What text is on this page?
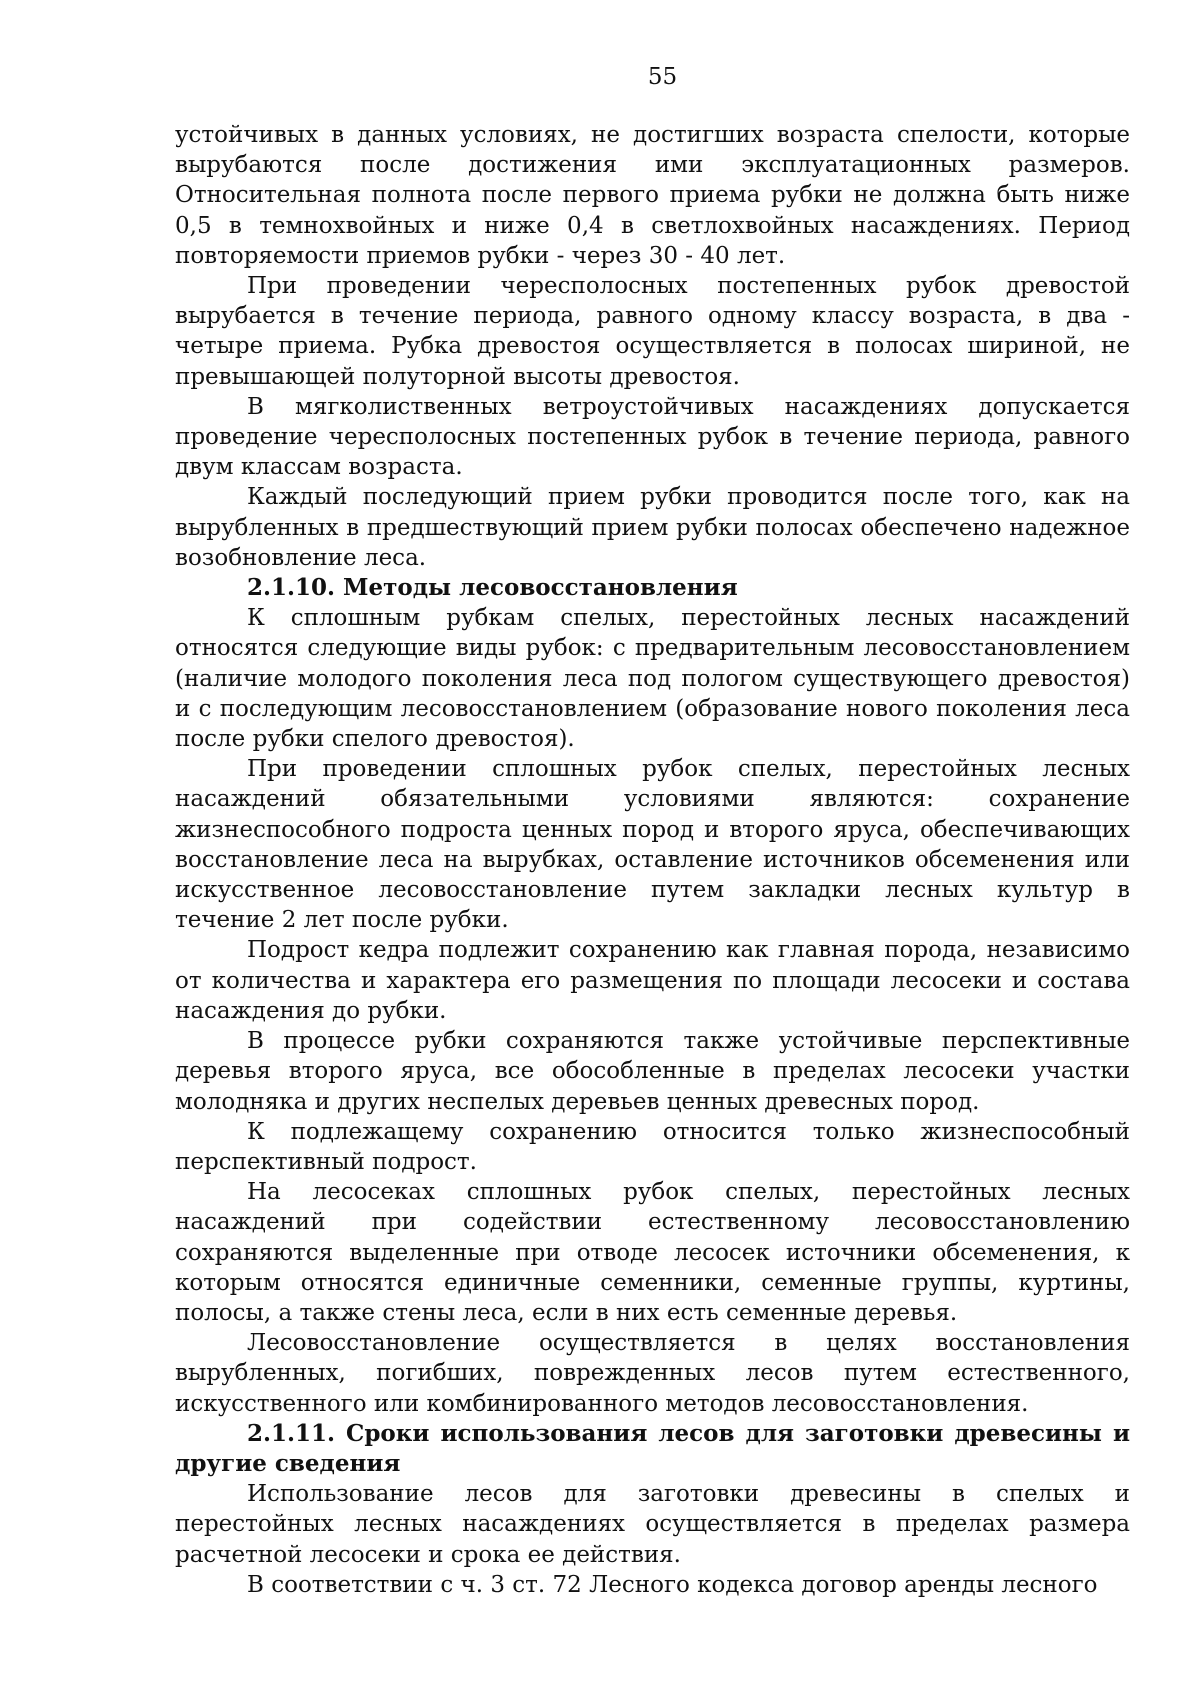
55

устойчивых в данных условиях, не достигших возраста спелости, которые вырубаются после достижения ими эксплуатационных размеров. Относительная полнота после первого приема рубки не должна быть ниже 0,5 в темнохвойных и ниже 0,4 в светлохвойных насаждениях. Период повторяемости приемов рубки - через 30 - 40 лет.

При проведении чересполосных постепенных рубок древостой вырубается в течение периода, равного одному классу возраста, в два - четыре приема. Рубка древостоя осуществляется в полосах шириной, не превышающей полуторной высоты древостоя.

В мягколиственных ветроустойчивых насаждениях допускается проведение чересполосных постепенных рубок в течение периода, равного двум классам возраста.

Каждый последующий прием рубки проводится после того, как на вырубленных в предшествующий прием рубки полосах обеспечено надежное возобновление леса.

2.1.10. Методы лесовосстановления

К сплошным рубкам спелых, перестойных лесных насаждений относятся следующие виды рубок: с предварительным лесовосстановлением (наличие молодого поколения леса под пологом существующего древостоя) и с последующим лесовосстановлением (образование нового поколения леса после рубки спелого древостоя).

При проведении сплошных рубок спелых, перестойных лесных насаждений обязательными условиями являются: сохранение жизнеспособного подроста ценных пород и второго яруса, обеспечивающих восстановление леса на вырубках, оставление источников обсеменения или искусственное лесовосстановление путем закладки лесных культур в течение 2 лет после рубки.

Подрост кедра подлежит сохранению как главная порода, независимо от количества и характера его размещения по площади лесосеки и состава насаждения до рубки.

В процессе рубки сохраняются также устойчивые перспективные деревья второго яруса, все обособленные в пределах лесосеки участки молодняка и других неспелых деревьев ценных древесных пород.

К подлежащему сохранению относится только жизнеспособный перспективный подрост.

На лесосеках сплошных рубок спелых, перестойных лесных насаждений при содействии естественному лесовосстановлению сохраняются выделенные при отводе лесосек источники обсеменения, к которым относятся единичные семенники, семенные группы, куртины, полосы, а также стены леса, если в них есть семенные деревья.

Лесовосстановление осуществляется в целях восстановления вырубленных, погибших, поврежденных лесов путем естественного, искусственного или комбинированного методов лесовосстановления.

2.1.11. Сроки использования лесов для заготовки древесины и другие сведения

Использование лесов для заготовки древесины в спелых и перестойных лесных насаждениях осуществляется в пределах размера расчетной лесосеки и срока ее действия.

В соответствии с ч. 3 ст. 72 Лесного кодекса договор аренды лесного
